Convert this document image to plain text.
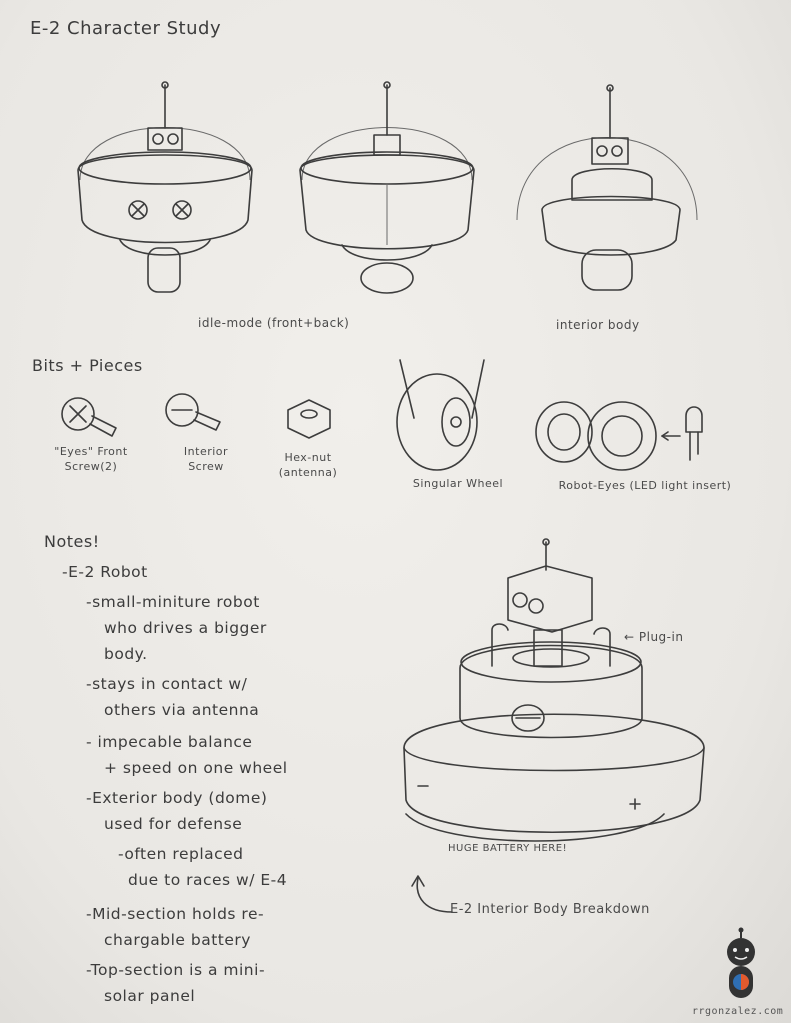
E-2 Character Study
idle-mode (front+back)	interior body
Bits + Pieces
"Eyes" Front Screw(2)
Interior Screw
Hex-nut (antenna)
Singular Wheel	Robot-Eyes (LED light insert)
Notes!
-E-2 Robot
-small-miniture robot
who drives a bigger
body.
-stays in contact w/
others via antenna
- impecable balance
+ speed on one wheel
-Exterior body (dome)
used for defense
-often replaced
due to races w/ E-4
-Mid-section holds re-
chargable battery
-Top-section is a mini-
solar panel
← Plug-in
HUGE BATTERY HERE!
E-2 Interior Body Breakdown
rrgonzalez.com
